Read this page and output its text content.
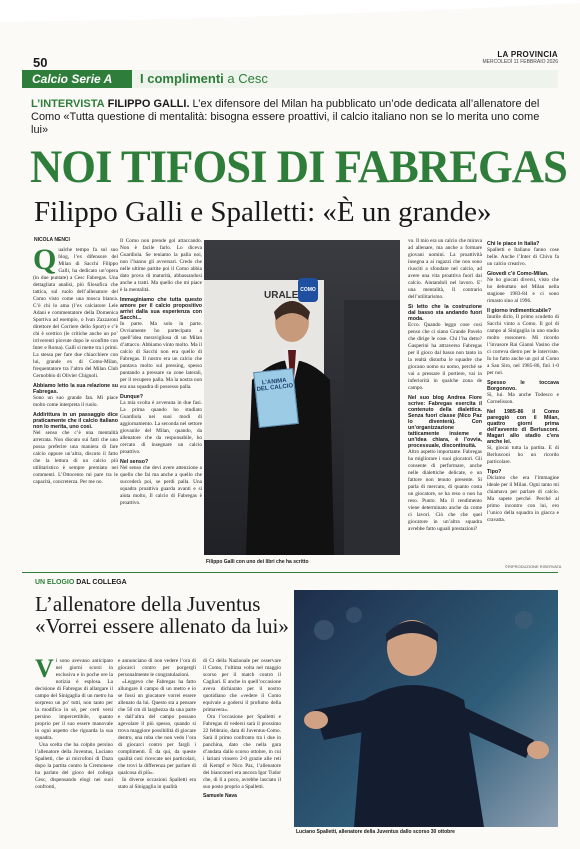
50
LA PROVINCIA
MERCOLEDÌ 11 FEBBRAIO 2026
Calcio Serie A	I complimenti a Cesc
L’INTERVISTA FILIPPO GALLI. L’ex difensore del Milan ha pubblicato un’ode dedicata all’allenatore del Como «Tutta questione di mentalità: bisogna essere proattivi, il calcio italiano non se lo merita uno come lui»
NOI TIFOSI DI FABREGAS
Filippo Galli e Spalletti: «È un grande»
NICOLA NENCI
Q ualche tempo fa sul suo blog, l’ex difensore del Milan di Sacchi Filippo Galli, ha dedicato un’opera (in due puntate) a Cesc Fabregas. Una dettagliata analisi, più filosofica che tattica, sul ruolo dell’allenatore del Como visto come una mosca bianca. C’è chi lo ama (l’ex calciatore Lele Adani e commentatore della Domenica Sportiva ad esempio, o Ivan Zazzaroni direttore del Corriere dello Sport) e c’è chi è scettico (le critiche anche un po’ irriverenti piovute dopo le sconfitte con Inter e Roma). Galli si mette tra i primi. La stessa per fare due chiacchiere con lui, grande ex di Como-Milan, frequentatore tra l’altro del Milan Club Cernobbio di Olivier Chignoli.
Abbiamo letto la sua relazione su Fabregas.
Sono un suo grande fan. Mi piace molto come interpreta il ruolo.
Addirittura in un passaggio dice praticamente che il calcio italiano non lo merita, uno così.
Nel senso che c’è una mentalità arretrata. Non discuto sui fatti che uno possa preferire una maniera di fare calcio oppure un’altra, discuto il fatto che la lettura di un calcio più utilitaristico è sempre premiato nei commenti. L’Ottocento mi pare tra le capacità, concreterza. Per me no.
Il Como non prende gol attaccando. Non è facile farlo. Lo diceva Guardiola. Se teniamo la palla noi, non l’hanno gli avversari. Credo che nelle ultime partite poi il Como abbia dato prova di maturità, abbassandosi anche a tratti. Ma quello che mi piace è la mentalità.
Immaginiamo che tutta questo amore per il calcio propositivo arrivi dalla sua esperienza con Sacchi...
In parte. Ma solo in parte. Ovviamente ho partecipato a quell’idea meravigliosa di un Milan d’attacco. Abbiamo vinto molto. Ma il calcio di Sacchi non era quello di Fabregas. Il nostro era un calcio che puntava molto sul pressing, spesso puntando a pressare su zone laterali, per il recupero palla. Ma la nostra non era una squadra di possesso palla.
Dunque?
La mia svolta è avvenuta in due fasi. La prima quando ho studiato Guardiola nei suoi modi di aggiornamento. La seconda nel settore giovanile del Milan, quando, da allenatore che da responsabile, ho cercato di insegnare un calcio proattivo.
Nel senso?
Nel senso che devi avere attenzione a quello che fai ma anche a quello che succederà poi, se perdi palla. Una squadra proattiva guarda avanti e si aiuta molto, Il calcio di Fabregas è proattivo.
URALE COMO
L’ANIMA
DEL CALCIO
Filippo Galli con uno dei libri che ha scritto
vo. Il mio era un calcio che mirava ad allenare, ma anche a formare giovani uomini. La proattività insegna a ai ragazzi che non sono riusciti a sfondare nel calcio, ad avere una vita proattiva fuori dal calcio. Aiutandoli nel lavoro. E’ una mentalità, Il contrario dell’utilitarismo.
Sì letto che la costruzione dal basso sta andando fuori moda.
Ecco. Quando leggo cose così penso che ci siano Grande Pavelo che dirige le cose. Chi l’ha detto? Gasperini ha attraverso Fabregas per il gioco dal basso non tanto in la realtà disturba le squadre che giocano uomo su uomo, perché se vai a pressare il portiere, vai in inferiorità in qualche zona de campo.
Nel suo blog Andrea Fiore scrive: Fabregas esercita il contenuto della dialettica. Senza fuori classe (Nico Paz lo diventerà). Con un’organizzazione tatticamente insieme e un’idea chiara, è l’ovvia, processuale, discontinuità.
Altro aspetto importante. Fabregas ha migliorare i suoi giocatori. Gli consente di performare, anche nelle dialettiche delicate, e un fattore non tenuto presente. Si parla di mercato, di quanto costa un giocatore, se ha reso o non ha reso. Punto. Ma il rendimento viene determinato anche da come ci lavori. Ciò che che quel giocatore in un’altra squadra avrebbe fatto uguali prestazioni?
Chi le piace in Italia?
Spalletti e Italiano fanno cose belle. Anche l’Inter di Chivu fa un calcio creativo.
Giovedì c’è Como-Milan.
Ne ho giocati diversi, visto che ho debuttato nel Milan nella stagione 1983-84 e ci sono rimasto sino al 1996.
Il giorno indimenticabile?
Inutile dirlo, Il primo scudetto di Sacchi vinto a Como. Il gol di campo al Sinigaglia in uno stadio molto rossonero. Mi ricordo l’invasore Rai Gianni Vasino che ci correva dietro per le interviste. Io ho fatto anche un gol al Como a San Siro, nel 1985-86, finì 1-0 per noi.
Spesso le toccava Borgonovo.
Sì, lui. Ma anche Todesco e Cornelisson.
Nel 1985-86 il Como pareggiò con il Milan, quattro giorni prima dell’avvento di Berlusconi. Magari allo stadio c’era anche lei.
Sì, giocai tutta la partita. E di Berlusconi ho un ricordo particolare.
Tipo?
Diciamo che era l’immagine ideale per il Milan. Ogni tanto mi chiamava per parlare di calcio. Ma sapete perché. Perché al primo incontro con lui, ero l’unico della squadra in giacca e cravatta.
©RIPRODUZIONE RISERVATA
UN ELOGIO DAL COLLEGA
L’allenatore della Juventus
«Vorrei essere allenato da lui»
V i sono avevano anticipato nei giorni scorsi in esclusiva e in poche ore la notizia è esplosa. La decisione di Fabregas di allargare il campo del Sinigaglia di un metro ha sorpreso un po’ tutti, non tanto per la modifica in sé, per certi versi persino impercettibile, quanto proprio per il suo essere manovale in ogni aspetto che riguarda la sua squadra.
Una scelta che ha colpito persino l’allenatore della Juventus, Luciano Spalletti, che ai microfoni di Dazn dopo la partita contro la Cremonese ha parlato del gioco del collega Cesc, dispensando elogi nei suoi confronti,
e annunciano di non vedere l’ora di giocarci contro per porgergli personalmente le congratulazioni.
«Leggevo che Fabregas ha fatto allungare il campo di un metro e io se fossi un giocatore vorrei essere allenato da lui. Questo sta a pensare che 50 cm di larghezza da una parte e dall’altra del campo possano agevolare il più spesso, quando si trova maggiore possibilità di giocare dentro, una roba che non vedo l’ora di giocarci contro per fargli i complimenti. È da qui, da queste qualità così ricercate nei particolari, che trovi la differenza per parlare di qualcosa di più».
In diverse occasioni Spalletti era stato al Sinigaglia in qualità
di Ct della Nazionale per osservare il Como, l’ultima volta nel maggio scorso per il match contro il Cagliari. E anche in quell’occasione aveva dichiarato per il nostro quotidiano che «vedere il Como equivale a godersi il profumo della primavera».
Ora l’occasione per Spalletti e Fabregas di vedersi sarà il prossimo 22 febbraio, data di Juventus-Como. Sarà il primo confronto tra i due in panchina, dato che nella gara d’andata dallo scorso ottobre, in cui i lariani vinsero 2-0 grazie alle reti di Kempf e Nico Paz, l’allenatore dei bianconeri era ancora Igor Tudor che, di lì a poco, avrebbe lasciato il suo posto proprio a Spalletti.
Samuele Nava
Luciano Spalletti, allenatore della Juventus dallo scorso 30 ottobre
